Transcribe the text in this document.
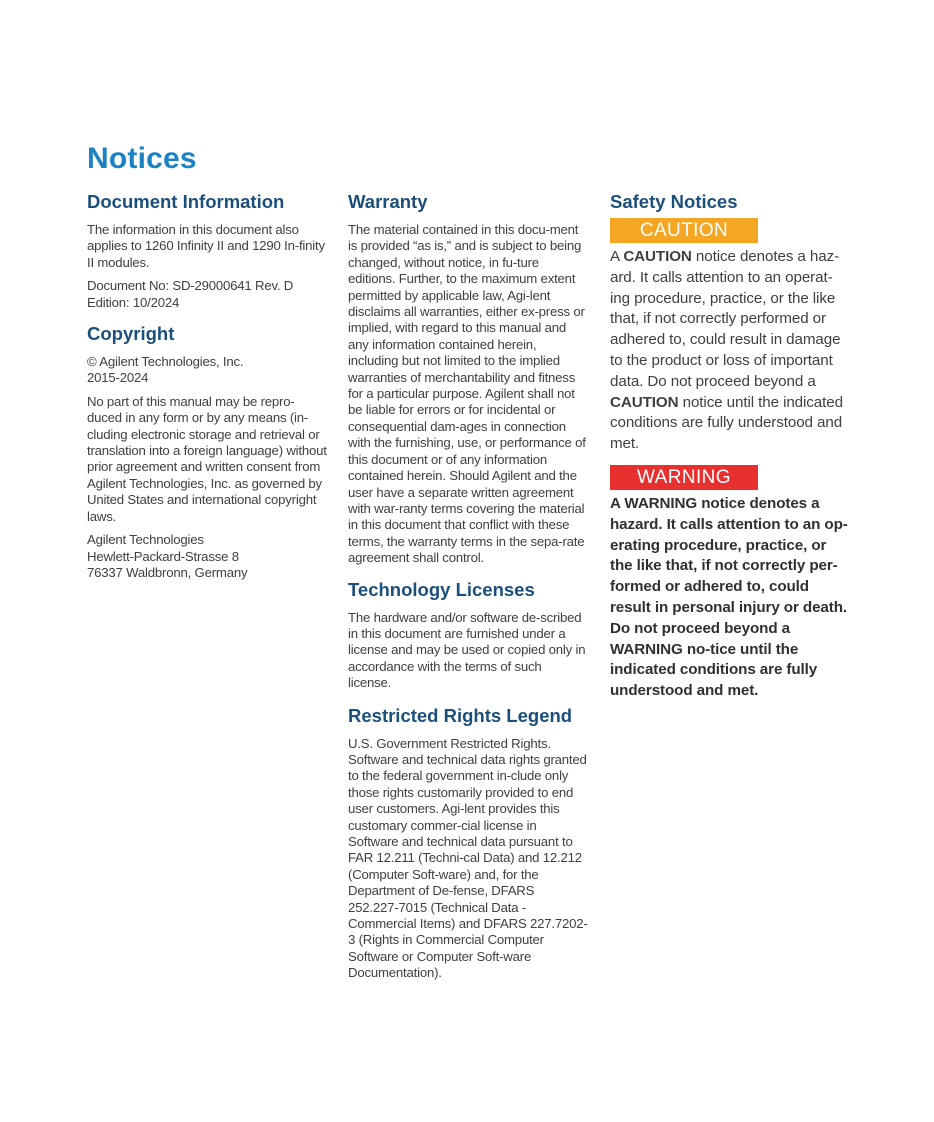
Notices
Document Information

The information in this document also applies to 1260 Infinity II and 1290 In-finity II modules.

Document No: SD-29000641 Rev. D
Edition: 10/2024

Copyright

© Agilent Technologies, Inc.
2015-2024

No part of this manual may be repro-duced in any form or by any means (in-cluding electronic storage and retrieval or translation into a foreign language) without prior agreement and written consent from Agilent Technologies, Inc. as governed by United States and international copyright laws.

Agilent Technologies
Hewlett-Packard-Strasse 8
76337 Waldbronn, Germany

Warranty

The material contained in this docu-ment is provided “as is,” and is subject to being changed, without notice, in fu-ture editions. Further, to the maximum extent permitted by applicable law, Agi-lent disclaims all warranties, either ex-press or implied, with regard to this manual and any information contained herein, including but not limited to the implied warranties of merchantability and fitness for a particular purpose. Agilent shall not be liable for errors or for incidental or consequential dam-ages in connection with the furnishing, use, or performance of this document or of any information contained herein. Should Agilent and the user have a separate written agreement with war-ranty terms covering the material in this document that conflict with these terms, the warranty terms in the sepa-rate agreement shall control.

Technology Licenses

The hardware and/or software de-scribed in this document are furnished under a license and may be used or copied only in accordance with the terms of such license.

Restricted Rights Legend

U.S. Government Restricted Rights. Software and technical data rights granted to the federal government in-clude only those rights customarily provided to end user customers. Agi-lent provides this customary commer-cial license in Software and technical data pursuant to FAR 12.211 (Techni-cal Data) and 12.212 (Computer Soft-ware) and, for the Department of De-fense, DFARS 252.227-7015 (Technical Data - Commercial Items) and DFARS 227.7202-3 (Rights in Commercial Computer Software or Computer Soft-ware Documentation).

Safety Notices
CAUTION

A CAUTION notice denotes a haz-ard. It calls attention to an operat-ing procedure, practice, or the like that, if not correctly performed or adhered to, could result in damage to the product or loss of important data. Do not proceed beyond a CAUTION notice until the indicated conditions are fully understood and met.

WARNING

A WARNING notice denotes a hazard. It calls attention to an op-erating procedure, practice, or the like that, if not correctly per-formed or adhered to, could result in personal injury or death. Do not proceed beyond a WARNING no-tice until the indicated conditions are fully understood and met.
